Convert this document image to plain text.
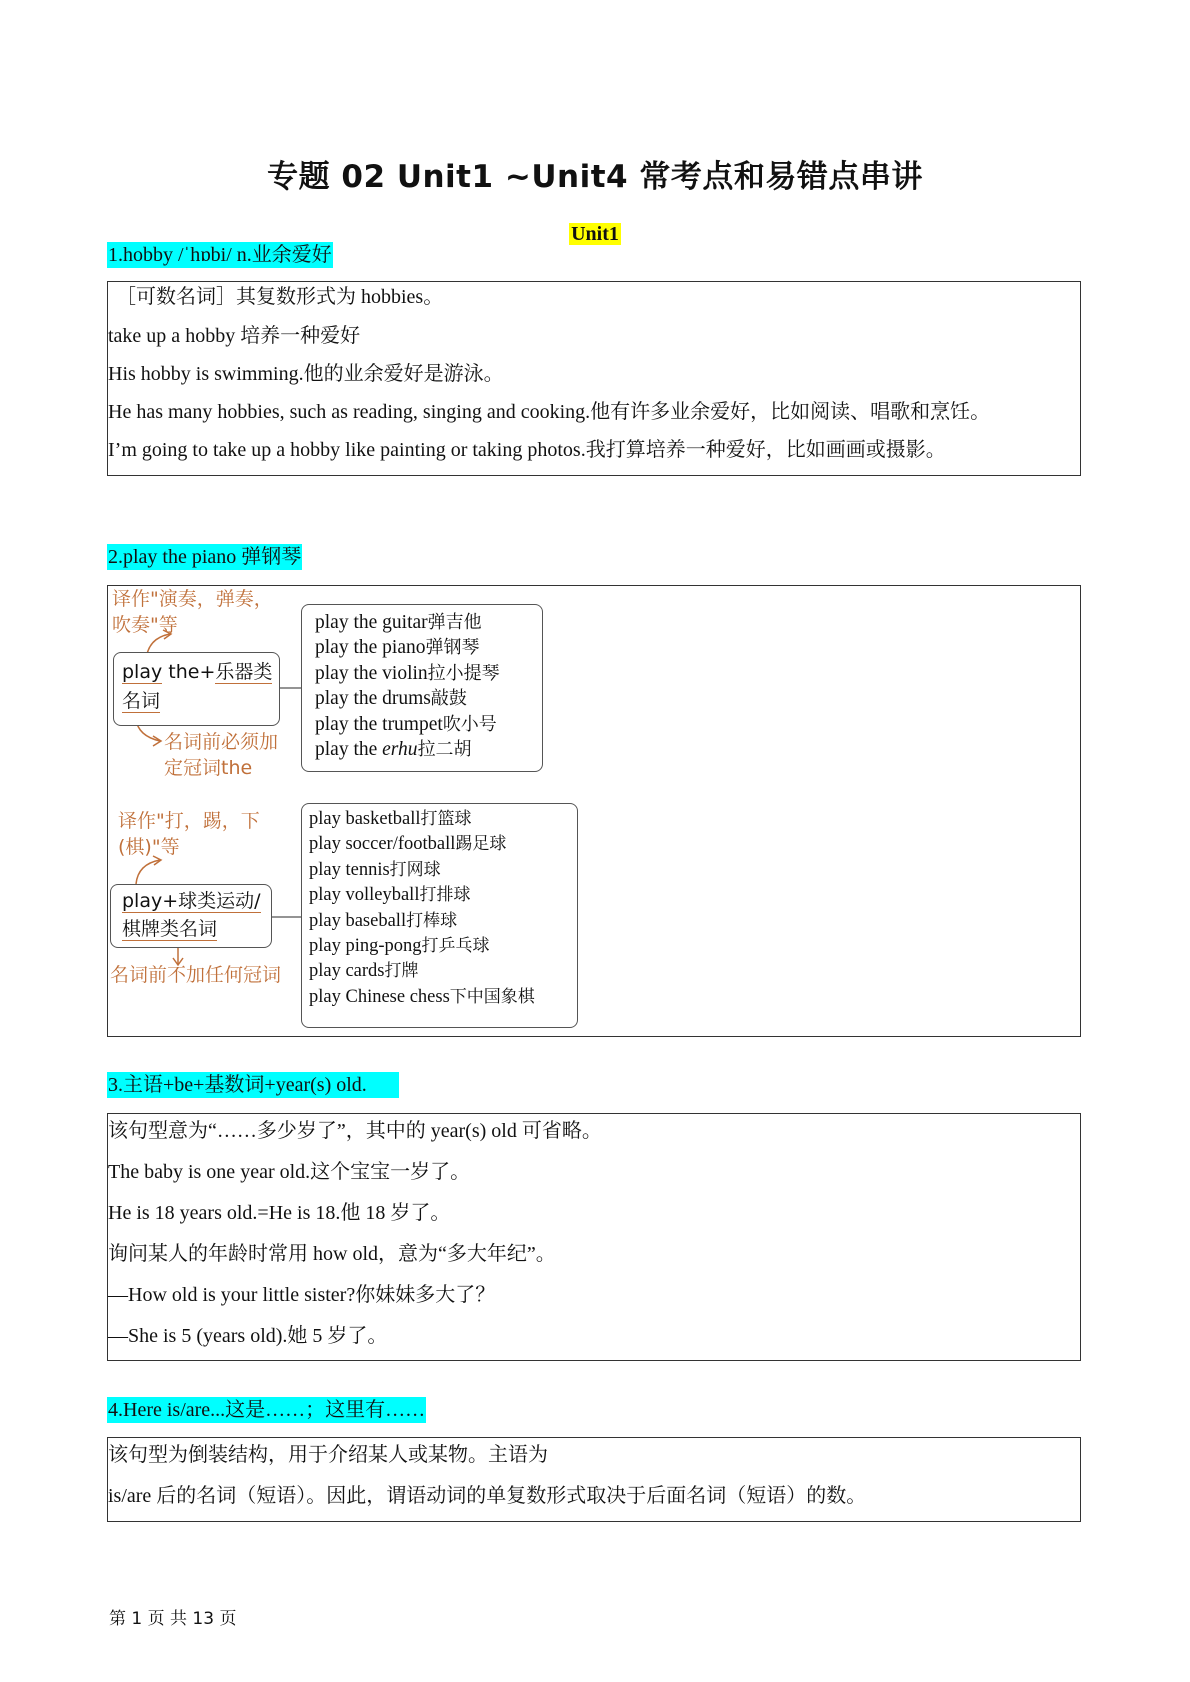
专题 02 Unit1 ~Unit4 常考点和易错点串讲
Unit1
1.hobby /ˈhɒbi/ n.业余爱好
［可数名词］其复数形式为 hobbies。
take up a hobby 培养一种爱好
His hobby is swimming.他的业余爱好是游泳。
He has many hobbies, such as reading, singing and cooking.他有许多业余爱好，比如阅读、唱歌和烹饪。
I’m going to take up a hobby like painting or taking photos.我打算培养一种爱好，比如画画或摄影。
2.play the piano 弹钢琴
译作"演奏，弹奏，
吹奏"等
play the+乐器类
名词
名词前必须加
定冠词the
play the guitar弹吉他
play the piano弹钢琴
play the violin拉小提琴
play the drums敲鼓
play the trumpet吹小号
play the erhu拉二胡
译作"打，踢，下
(棋)"等
play+球类运动/
棋牌类名词
名词前不加任何冠词
play basketball打篮球
play soccer/football踢足球
play tennis打网球
play volleyball打排球
play baseball打棒球
play ping-pong打乒乓球
play cards打牌
play Chinese chess下中国象棋
3.主语+be+基数词+year(s) old.
该句型意为“……多少岁了”，其中的 year(s) old 可省略。
The baby is one year old.这个宝宝一岁了。
He is 18 years old.=He is 18.他 18 岁了。
询问某人的年龄时常用 how old，意为“多大年纪”。
—How old is your little sister?你妹妹多大了？
—She is 5 (years old).她 5 岁了。
4.Here is/are...这是……；这里有……
该句型为倒装结构，用于介绍某人或某物。主语为
is/are 后的名词（短语）。因此，谓语动词的单复数形式取决于后面名词（短语）的数。
第 1 页 共 13 页
